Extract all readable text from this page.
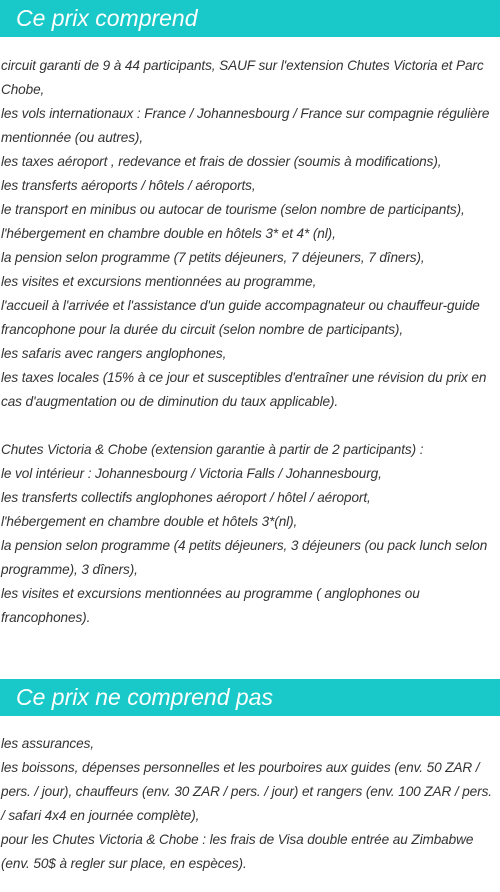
Ce prix comprend
circuit garanti de 9 à 44 participants, SAUF sur l'extension Chutes Victoria et Parc Chobe,
les vols internationaux : France / Johannesbourg / France sur compagnie régulière mentionnée (ou autres),
les taxes aéroport , redevance et frais de dossier (soumis à modifications),
les transferts aéroports / hôtels / aéroports,
le transport en minibus ou autocar de tourisme (selon nombre de participants),
l'hébergement en chambre double en hôtels 3* et 4* (nl),
la pension selon programme (7 petits déjeuners, 7 déjeuners, 7 dîners),
les visites et excursions mentionnées au programme,
l'accueil à l'arrivée et l'assistance d'un guide accompagnateur ou chauffeur-guide francophone pour la durée du circuit (selon nombre de participants),
les safaris avec rangers anglophones,
les taxes locales (15% à ce jour et susceptibles d'entraîner une révision du prix en cas d'augmentation ou de diminution du taux applicable).
Chutes Victoria & Chobe (extension garantie à partir de 2 participants) :
le vol intérieur : Johannesbourg / Victoria Falls / Johannesbourg,
les transferts collectifs anglophones aéroport / hôtel / aéroport,
l'hébergement en chambre double et hôtels 3*(nl),
la pension selon programme (4 petits déjeuners, 3 déjeuners (ou pack lunch selon programme), 3 dîners),
les visites et excursions mentionnées au programme ( anglophones ou francophones).
Ce prix ne comprend pas
les assurances,
les boissons, dépenses personnelles et les pourboires aux guides (env. 50 ZAR / pers. / jour), chauffeurs (env. 30 ZAR / pers. / jour) et rangers (env. 100 ZAR / pers. / safari 4x4 en journée complète),
pour les Chutes Victoria & Chobe : les frais de Visa double entrée au Zimbabwe (env. 50$ à regler sur place, en espèces).
